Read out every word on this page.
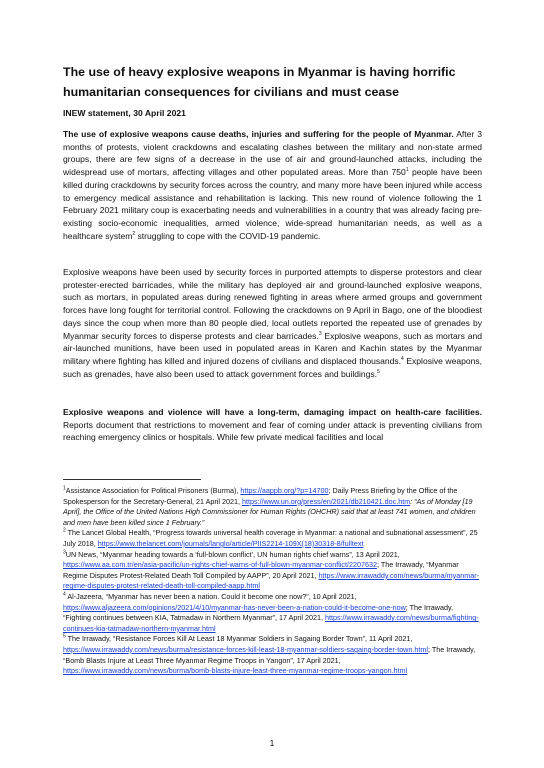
The use of heavy explosive weapons in Myanmar is having horrific humanitarian consequences for civilians and must cease

INEW statement, 30 April 2021

The use of explosive weapons cause deaths, injuries and suffering for the people of Myanmar. After 3 months of protests, violent crackdowns and escalating clashes between the military and non-state armed groups, there are few signs of a decrease in the use of air and ground-launched attacks, including the widespread use of mortars, affecting villages and other populated areas. More than $750^1$ people have been killed during crackdowns by security forces across the country, and many more have been injured while access to emergency medical assistance and rehabilitation is lacking. This new round of violence following the 1 February 2021 military coup is exacerbating needs and vulnerabilities in a country that was already facing pre-existing socio-economic inequalities, armed violence, wide-spread humanitarian needs, as well as a healthcare system$^2$ struggling to cope with the COVID-19 pandemic.

Explosive weapons have been used by security forces in purported attempts to disperse protestors and clear protester-erected barricades, while the military has deployed air and ground-launched explosive weapons, such as mortars, in populated areas during renewed fighting in areas where armed groups and government forces have long fought for territorial control. Following the crackdowns on 9 April in Bago, one of the bloodiest days since the coup when more than 80 people died, local outlets reported the repeated use of grenades by Myanmar security forces to disperse protests and clear barricades.$^3$ Explosive weapons, such as mortars and air-launched munitions, have been used in populated areas in Karen and Kachin states by the Myanmar military where fighting has killed and injured dozens of civilians and displaced thousands.$^4$ Explosive weapons, such as grenades, have also been used to attack government forces and buildings.$^5$

Explosive weapons and violence will have a long-term, damaging impact on health-care facilities. Reports document that restrictions to movement and fear of coming under attack is preventing civilians from reaching emergency clinics or hospitals. While few private medical facilities and local

$^1$Assistance Association for Political Prisoners (Burma), https://aappb.org/?p=14700; Daily Press Briefing by the Office of the Spokesperson for the Secretary-General, 21 April 2021, https://www.un.org/press/en/2021/db210421.doc.htm: “As of Monday [19 April], the Office of the United Nations High Commissioner for Human Rights (OHCHR) said that at least 741 women, and children and men have been killed since 1 February.”

$^2$ The Lancet Global Health, “Progress towards universal health coverage in Myanmar: a national and subnational assessment”, 25 July 2018, https://www.thelancet.com/journals/langlo/article/PIIS2214-109X(18)30318-8/fulltext

$^3$UN News, “Myanmar heading towards a ‘full-blown conflict’, UN human rights chief warns”, 13 April 2021, https://www.aa.com.tr/en/asia-pacific/un-rights-chief-warns-of-full-blown-myanmar-conflict/2207632; The Irrawady, “Myanmar Regime Disputes Protest-Related Death Toll Compiled by AAPP”, 20 April 2021, https://www.irrawaddy.com/news/burma/myanmar-regime-disputes-protest-related-death-toll-compiled-aapp.html

$^4$ Al-Jazeera, “Myanmar has never been a nation. Could it become one now?”, 10 April 2021, https://www.aljazeera.com/opinions/2021/4/10/myanmar-has-never-been-a-nation-could-it-become-one-now; The Irrawady, “Fighting continues between KIA, Tatmadaw in Northern Myanmar”, 17 April 2021, https://www.irrawaddy.com/news/burma/fighting-continues-kia-tatmadaw-northern-myanmar.html

$^5$ The Irrawady, “Resistance Forces Kill At Least 18 Myanmar Soldiers in Sagaing Border Town”, 11 April 2021, https://www.irrawaddy.com/news/burma/resistance-forces-kill-least-18-myanmar-soldiers-sagaing-border-town.html; The Irrawady, “Bomb Blasts Injure at Least Three Myanmar Regime Troops in Yangon”, 17 April 2021, https://www.irrawaddy.com/news/burma/bomb-blasts-injure-least-three-myanmar-regime-troops-yangon.html

1
